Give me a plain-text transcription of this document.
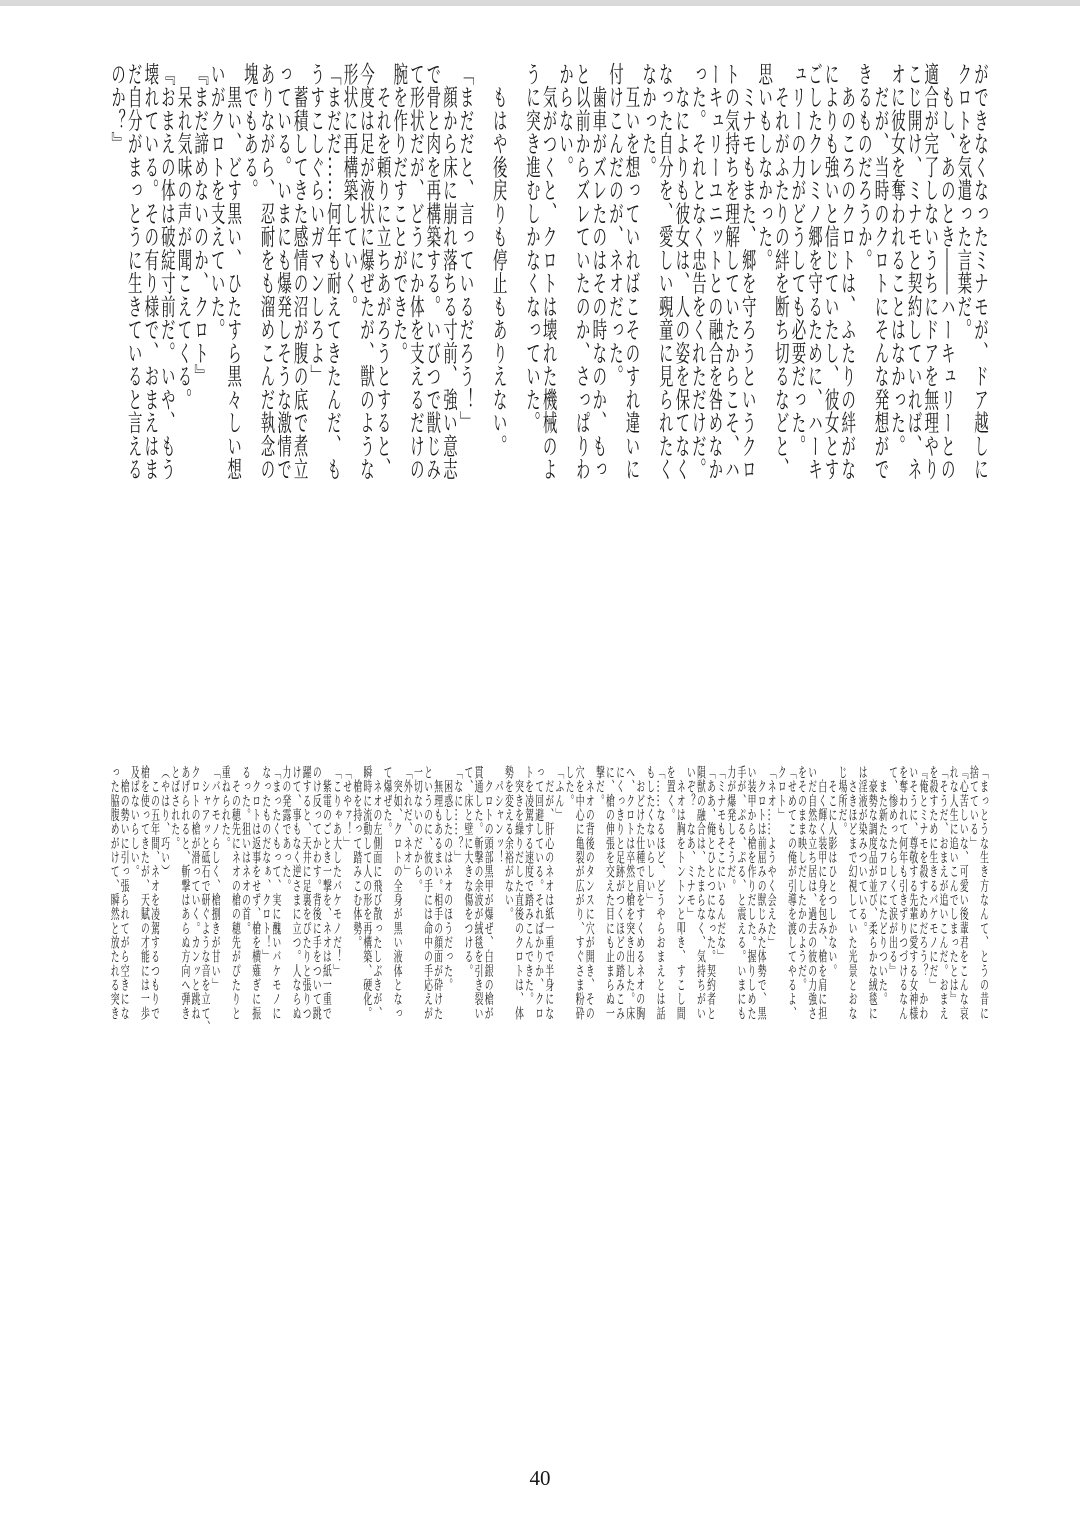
ができなくなったミナモが、ドア越しに
クロトを気遣った言葉だ。
　もし、あのとき――ハーキュリーとの
適合が完了しないうちにドアを無理やり
こじ開け、ミナモと契約していれば、ネ
オに彼女を奪われることはなかった。
　だが、当時のクロトにそんな発想がで
きるものだろうか。
　あのころのクロトは、ふたりの絆がな
によりも強いと信じていたし、彼女とす
ごしたクレミノ郷を守るために、ハーキ
ュリーの力がどうしても必要だった。
　それがふたりの絆を断ち切るなどと、
思いもしなかった。
　ミナモもまた、郷を守ろうというクロ
トの気持ちを理解していたからこそ、ハ
ーキュリーユニットとの融合を咎めなか
った。それとなく忠告をくれただけだ。
　なによりも彼女は、人の姿を保てなく
なった自分を、愛しい覡童に見られたく
なかった。
　互いを想っていればこそのすれ違いに
付けこんだのが、ネオだった。
　歯車がズレたのはその時なのか、もっ
と以前からズレていたのか、さっぱりわ
からない。
　気がつくと、クロトは壊れた機械のよ
うに突き進むしかなくなっていた。
　もはや後戻りも停止もありえない。
「まだだと、言っているだろう！」
　顔から床に崩れ落ちる寸前、強い意志
で骨と肉を再構築する。いびつで獣じみ
て形状だが、どうにか体を支えるだけの
腕を作りだすことができた。
　それを頼りに立ちあがろうとすると、
今度は足が液状に爆ぜたが、獣のような
形状に再構築していく。
「まだだ……何年も耐えてきたんだ、も
うすこしぐらいガマンしろよ」
　蓄積してきた感情の沼が腹の底で煮立
っている。いまにも爆発しそうな激情で
ありながら、忍耐をも溜めこんだ執念の
塊でもある。
　黒い、どす黒い、ひたすら黒々しい想
いがクロトを支えていた。
『まだ諦めないのか、クロト』
　呆れ気味の声が聞こえてくる。
『おまえの体は破綻寸前だ。いや、もう
壊れている。その有り様で、おまえはま
だ自分がまっとうに生きていると言える
のか？』
「まっとうな生き方なんて、とうの昔に
捨てている」
『心苦しいな、可愛い後輩君をこんな哀
れな人生に追いこんでしまったとは』
「そうだ、おまえが追いこんだ。おまえ
を殺すために生きるバケモノにだ」
『俺とミナモを殺すためだろう？　かわ
いそうに、尊敬する先輩に愛する女神様
を奪われて何年も引きずりつづけるなん
て、惨めったらしくて涙が出る』
　また新たなフロアにたどりついた。
　豪勢な調度品が並び、柔らかな絨毯に
は淫液が染みついている。
　さきほどまで幻視していた光景とおな
じ場所だ。
　そこに人影はひとつしかない。
　白く輝く装甲に身を包み、槍を肩に担
いだ自然な立ち居は、過去の彼の力強さ
をそのまま映しだしたかのようだ。
「せめてこの俺が引導を渡してやるよ、
クロト」
「ネオ……ようやく会えた」
　クロトは前屈みの獣じみた体勢で、黒
い装甲から槍を作りだした。握りしめた
手が、ぷる、ぷる、と震える。いまにも
力が爆発しそうだ。
「ミナモもそこにいるんだな」
「ああ、俺とひとつになった。契約者と
隕獣の融合は、たまらなく、気持ちがい
いぞ？　なあ、ミナモ」
　ネオは胸をトントンと叩き、すこし間
を置く。
「……なるほど、どうやらおまえとは話
もしたくないらしい」
　おどけた仕種で肩をすくめるネオの胸
へ、クロトは卒然と槍を突き出した。床
にくっきりと足跡がつくほどの踏みこみ
に、槍の伸張を交えた目にも止まらぬ一
撃だ。
　ネオの背後のタンスに穴が開き、その
穴を中心に亀裂が広がり、すぐさま粉砕
した。
「ふん」
　だが、肝心のネオは紙一重で半身にな
って回避している。そればかりか、クロ
トを凌駕する速度で踏みこんできた。
　突きを繰りだした直後のクロトは、体
勢を変える余裕がない。
　パシャンッ！
　クロトの頭部黒甲が爆ぜ、白銀の槍が
貫通した。斬撃の余波が絨毯を引き裂い
て、床と壁に大きな傷をつける。
「なに……？」
　困惑したのはネオのほうだった。
　無理もあるまい。相手の顔面が砕けた
というのに、彼の手には命中の手応えが
一切ないのだから。
「外れだ、ネオ」
　突如、クロトの全身が黒い液体となっ
て爆ぜた。
　ネオの左側面に飛び散ったしぶきが、
瞬時に流動して人の形を再構築、硬化。
　槍を持って踏みこむ体勢。
「せやァ！」
「こりゃあ大したバケモノだ！」
　紫電のごとき一撃を、ネオは紙一重で
のけ反ってかわす。背後に手をついて跳
躍すると、天井に足裏をぴたりと張りつ
けて、事もなく逆さまに立つ。人ならぬ
力の発露であった。
「まったくもって、実に醜いバケモノに
なったものだなぁ、クロト！」
　クロトは返事をせず、槍を横薙ぎに振
るった。狙いはネオの首。
　その穂先にネオの槍の穂先がぴたりと
重ねられた。
「バケモノらしく、槍捌きが甘い」
　シャアッと砥石で研ぐような音を立て、
クロトの槍が滑っていく。カンッと跳ね
あげられると、斬撃はあらぬ方向へ弾き
とばされた。
（やはり、巧い）
　この五年間、ネオを凌駕するつもりで
槍を使ってきたが、天賦の才能には一歩
及ばないらしい。
　槍の勢いに引っ張られてがら空きにな
った脇腹めがけて、瞬然と放たれる突き
40
